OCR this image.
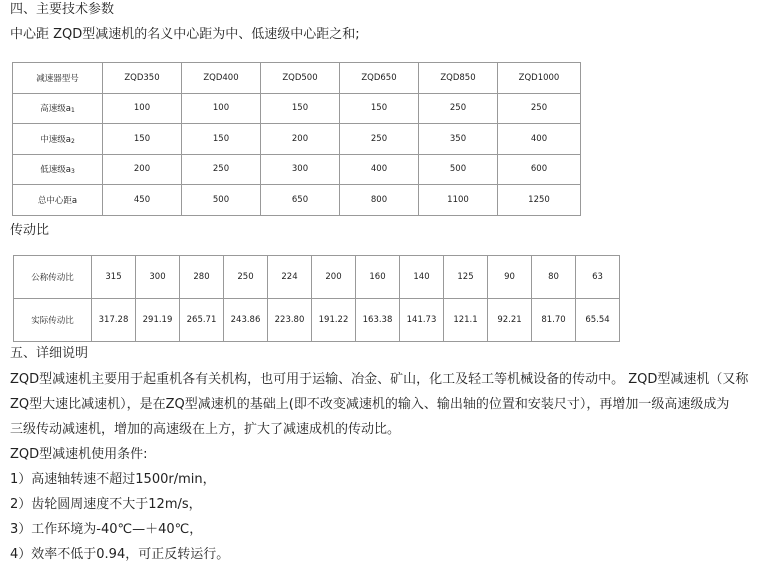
四、主要技术参数
中心距 ZQD型减速机的名义中心距为中、低速级中心距之和;
减速器型号	ZQD350	ZQD400	ZQD500	ZQD650	ZQD850	ZQD1000
高速级$a_1$	100	100	150	150	250	250
中速级$a_2$	150	150	200	250	350	400
低速级$a_3$	200	250	300	400	500	600
总中心距a	450	500	650	800	1100	1250
传动比
公称传动比	315	300	280	250	224	200	160	140	125	90	80	63
实际传动比	317.28	291.19	265.71	243.86	223.80	191.22	163.38	141.73	121.1	92.21	81.70	65.54
五、详细说明
ZQD型减速机主要用于起重机各有关机构，也可用于运输、冶金、矿山，化工及轻工等机械设备的传动中。 ZQD型减速机（又称
ZQ型大速比减速机），是在ZQ型减速机的基础上(即不改变减速机的输入、输出轴的位置和安装尺寸），再增加一级高速级成为
三级传动减速机，增加的高速级在上方，扩大了减速成机的传动比。
ZQD型减速机使用条件:
1）高速轴转速不超过1500r/min，
2）齿轮圆周速度不大于12m/s，
3）工作环境为-40℃—＋40℃，
4）效率不低于0.94，可正反转运行。
